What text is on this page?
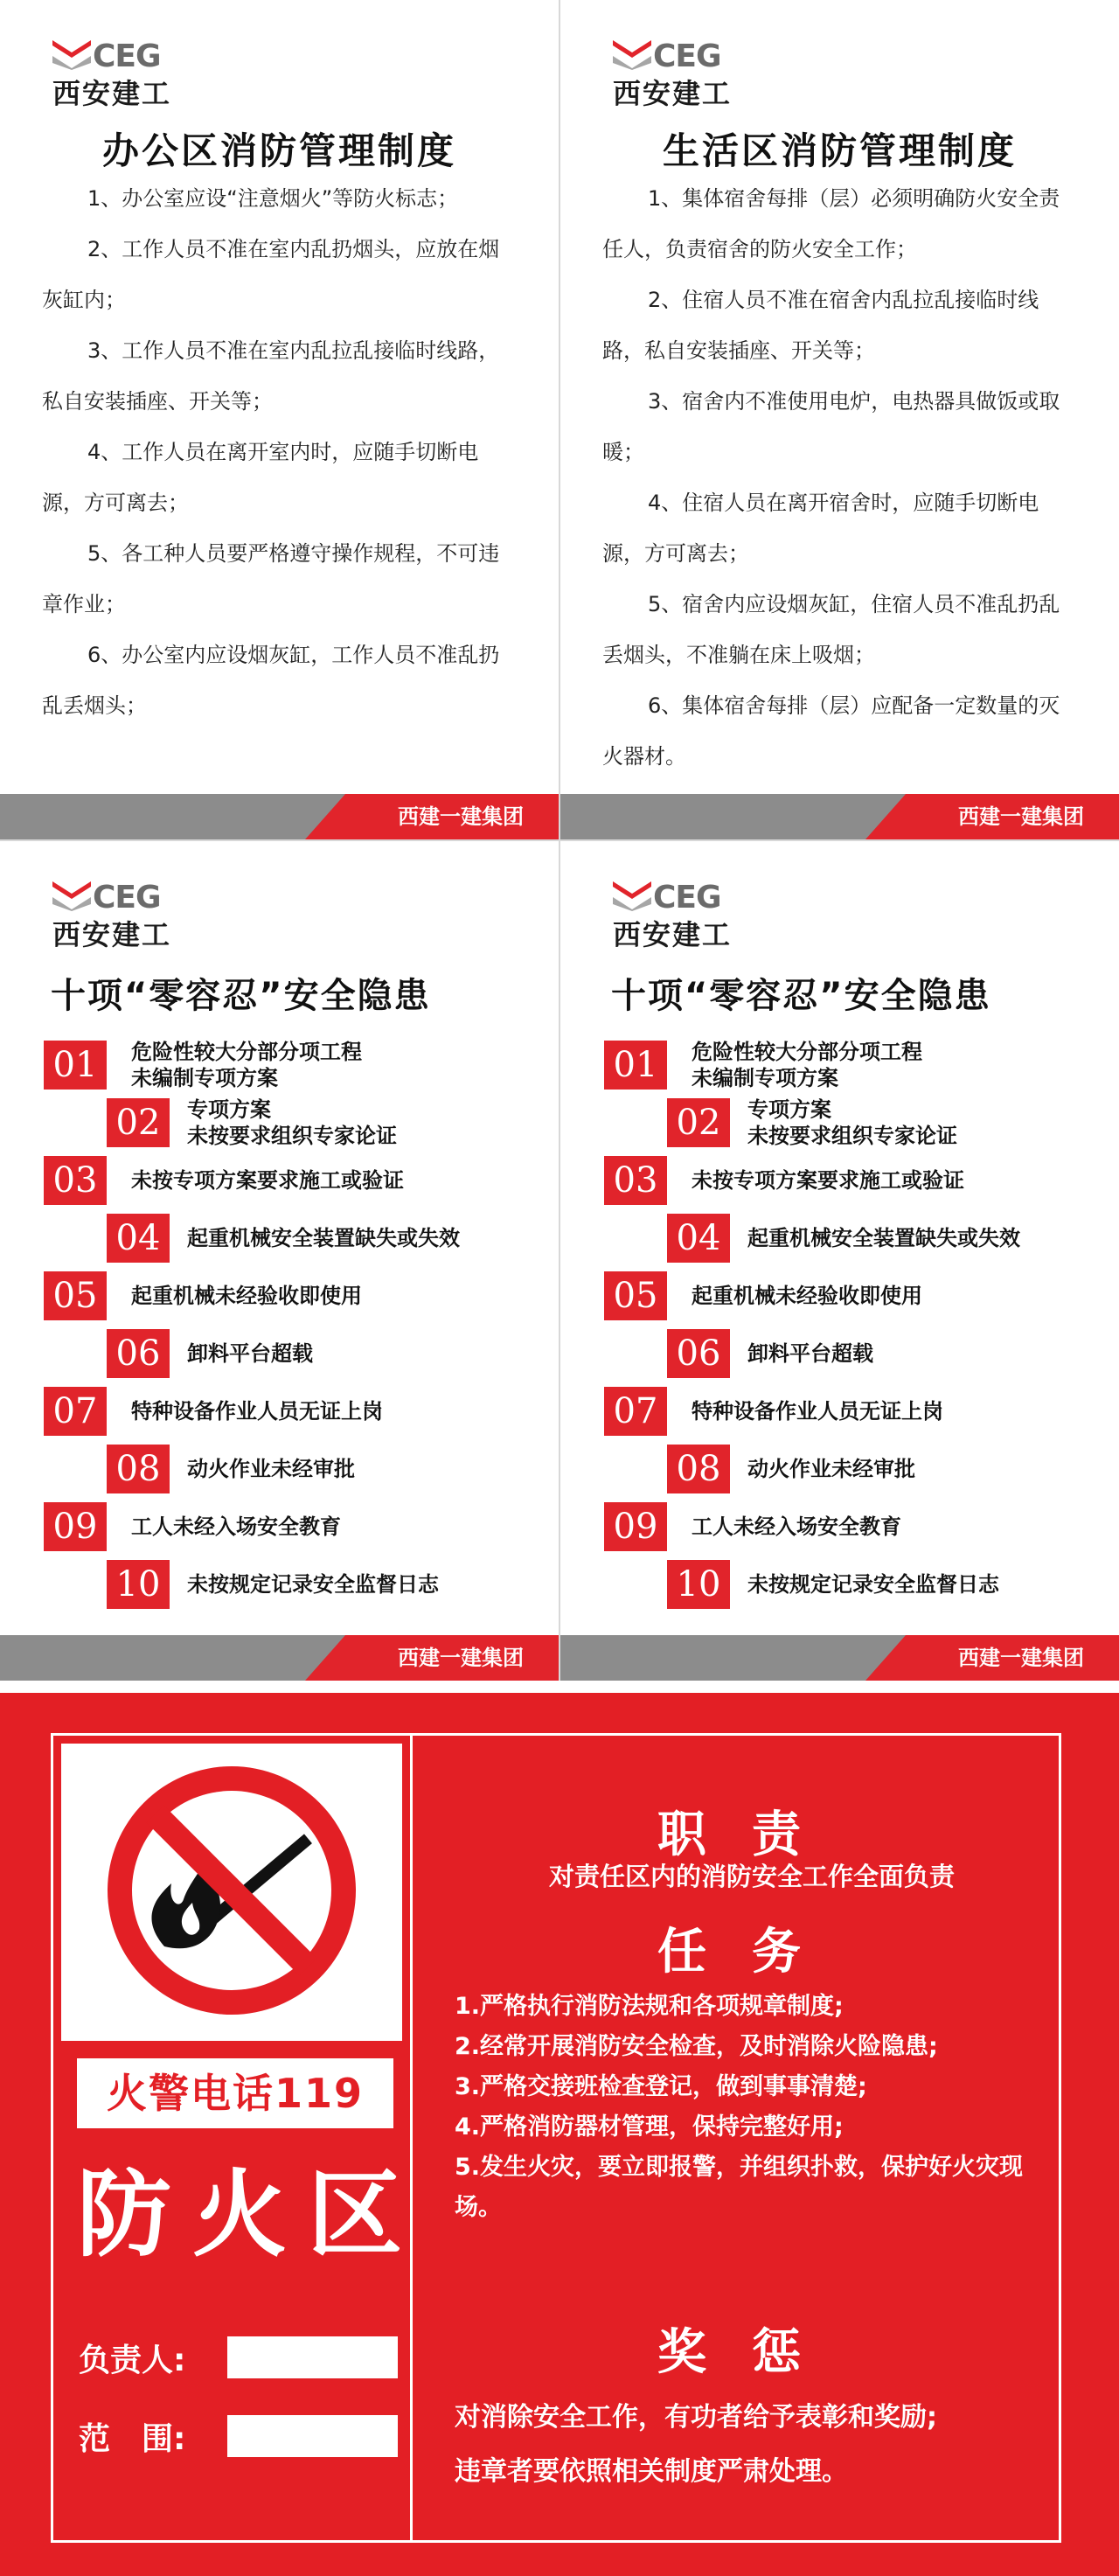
CEG
西安建工
办公区消防管理制度

1、办公室应设“注意烟火”等防火标志；

2、工作人员不准在室内乱扔烟头，应放在烟灰缸内；

3、工作人员不准在室内乱拉乱接临时线路，私自安装插座、开关等；

4、工作人员在离开室内时，应随手切断电源，方可离去；

5、各工种人员要严格遵守操作规程，不可违章作业；

6、办公室内应设烟灰缸，工作人员不准乱扔乱丢烟头；

西建一建集团
CEG
西安建工
生活区消防管理制度

1、集体宿舍每排（层）必须明确防火安全责任人，负责宿舍的防火安全工作；

2、住宿人员不准在宿舍内乱拉乱接临时线路，私自安装插座、开关等；

3、宿舍内不准使用电炉，电热器具做饭或取暖；

4、住宿人员在离开宿舍时，应随手切断电源，方可离去；

5、宿舍内应设烟灰缸，住宿人员不准乱扔乱丢烟头，不准躺在床上吸烟；

6、集体宿舍每排（层）应配备一定数量的灭火器材。

西建一建集团
CEG
西安建工
十项“零容忍”安全隐患
01	危险性较大分部分项工程
未编制专项方案
02	专项方案
未按要求组织专家论证
03	未按专项方案要求施工或验证
04	起重机械安全装置缺失或失效
05	起重机械未经验收即使用
06	卸料平台超载
07	特种设备作业人员无证上岗
08	动火作业未经审批
09	工人未经入场安全教育
10	未按规定记录安全监督日志
西建一建集团
CEG
西安建工
十项“零容忍”安全隐患
01	危险性较大分部分项工程
未编制专项方案
02	专项方案
未按要求组织专家论证
03	未按专项方案要求施工或验证
04	起重机械安全装置缺失或失效
05	起重机械未经验收即使用
06	卸料平台超载
07	特种设备作业人员无证上岗
08	动火作业未经审批
09	工人未经入场安全教育
10	未按规定记录安全监督日志
西建一建集团
火警电话119
防火区
负责人:
范　围:
职责
对责任区内的消防安全工作全面负责
任务
1.严格执行消防法规和各项规章制度;
2.经常开展消防安全检查，及时消除火险隐患;
3.严格交接班检查登记，做到事事清楚;
4.严格消防器材管理，保持完整好用;
5.发生火灾，要立即报警，并组织扑救，保护好火灾现场。
奖惩
对消除安全工作，有功者给予表彰和奖励;
违章者要依照相关制度严肃处理。
